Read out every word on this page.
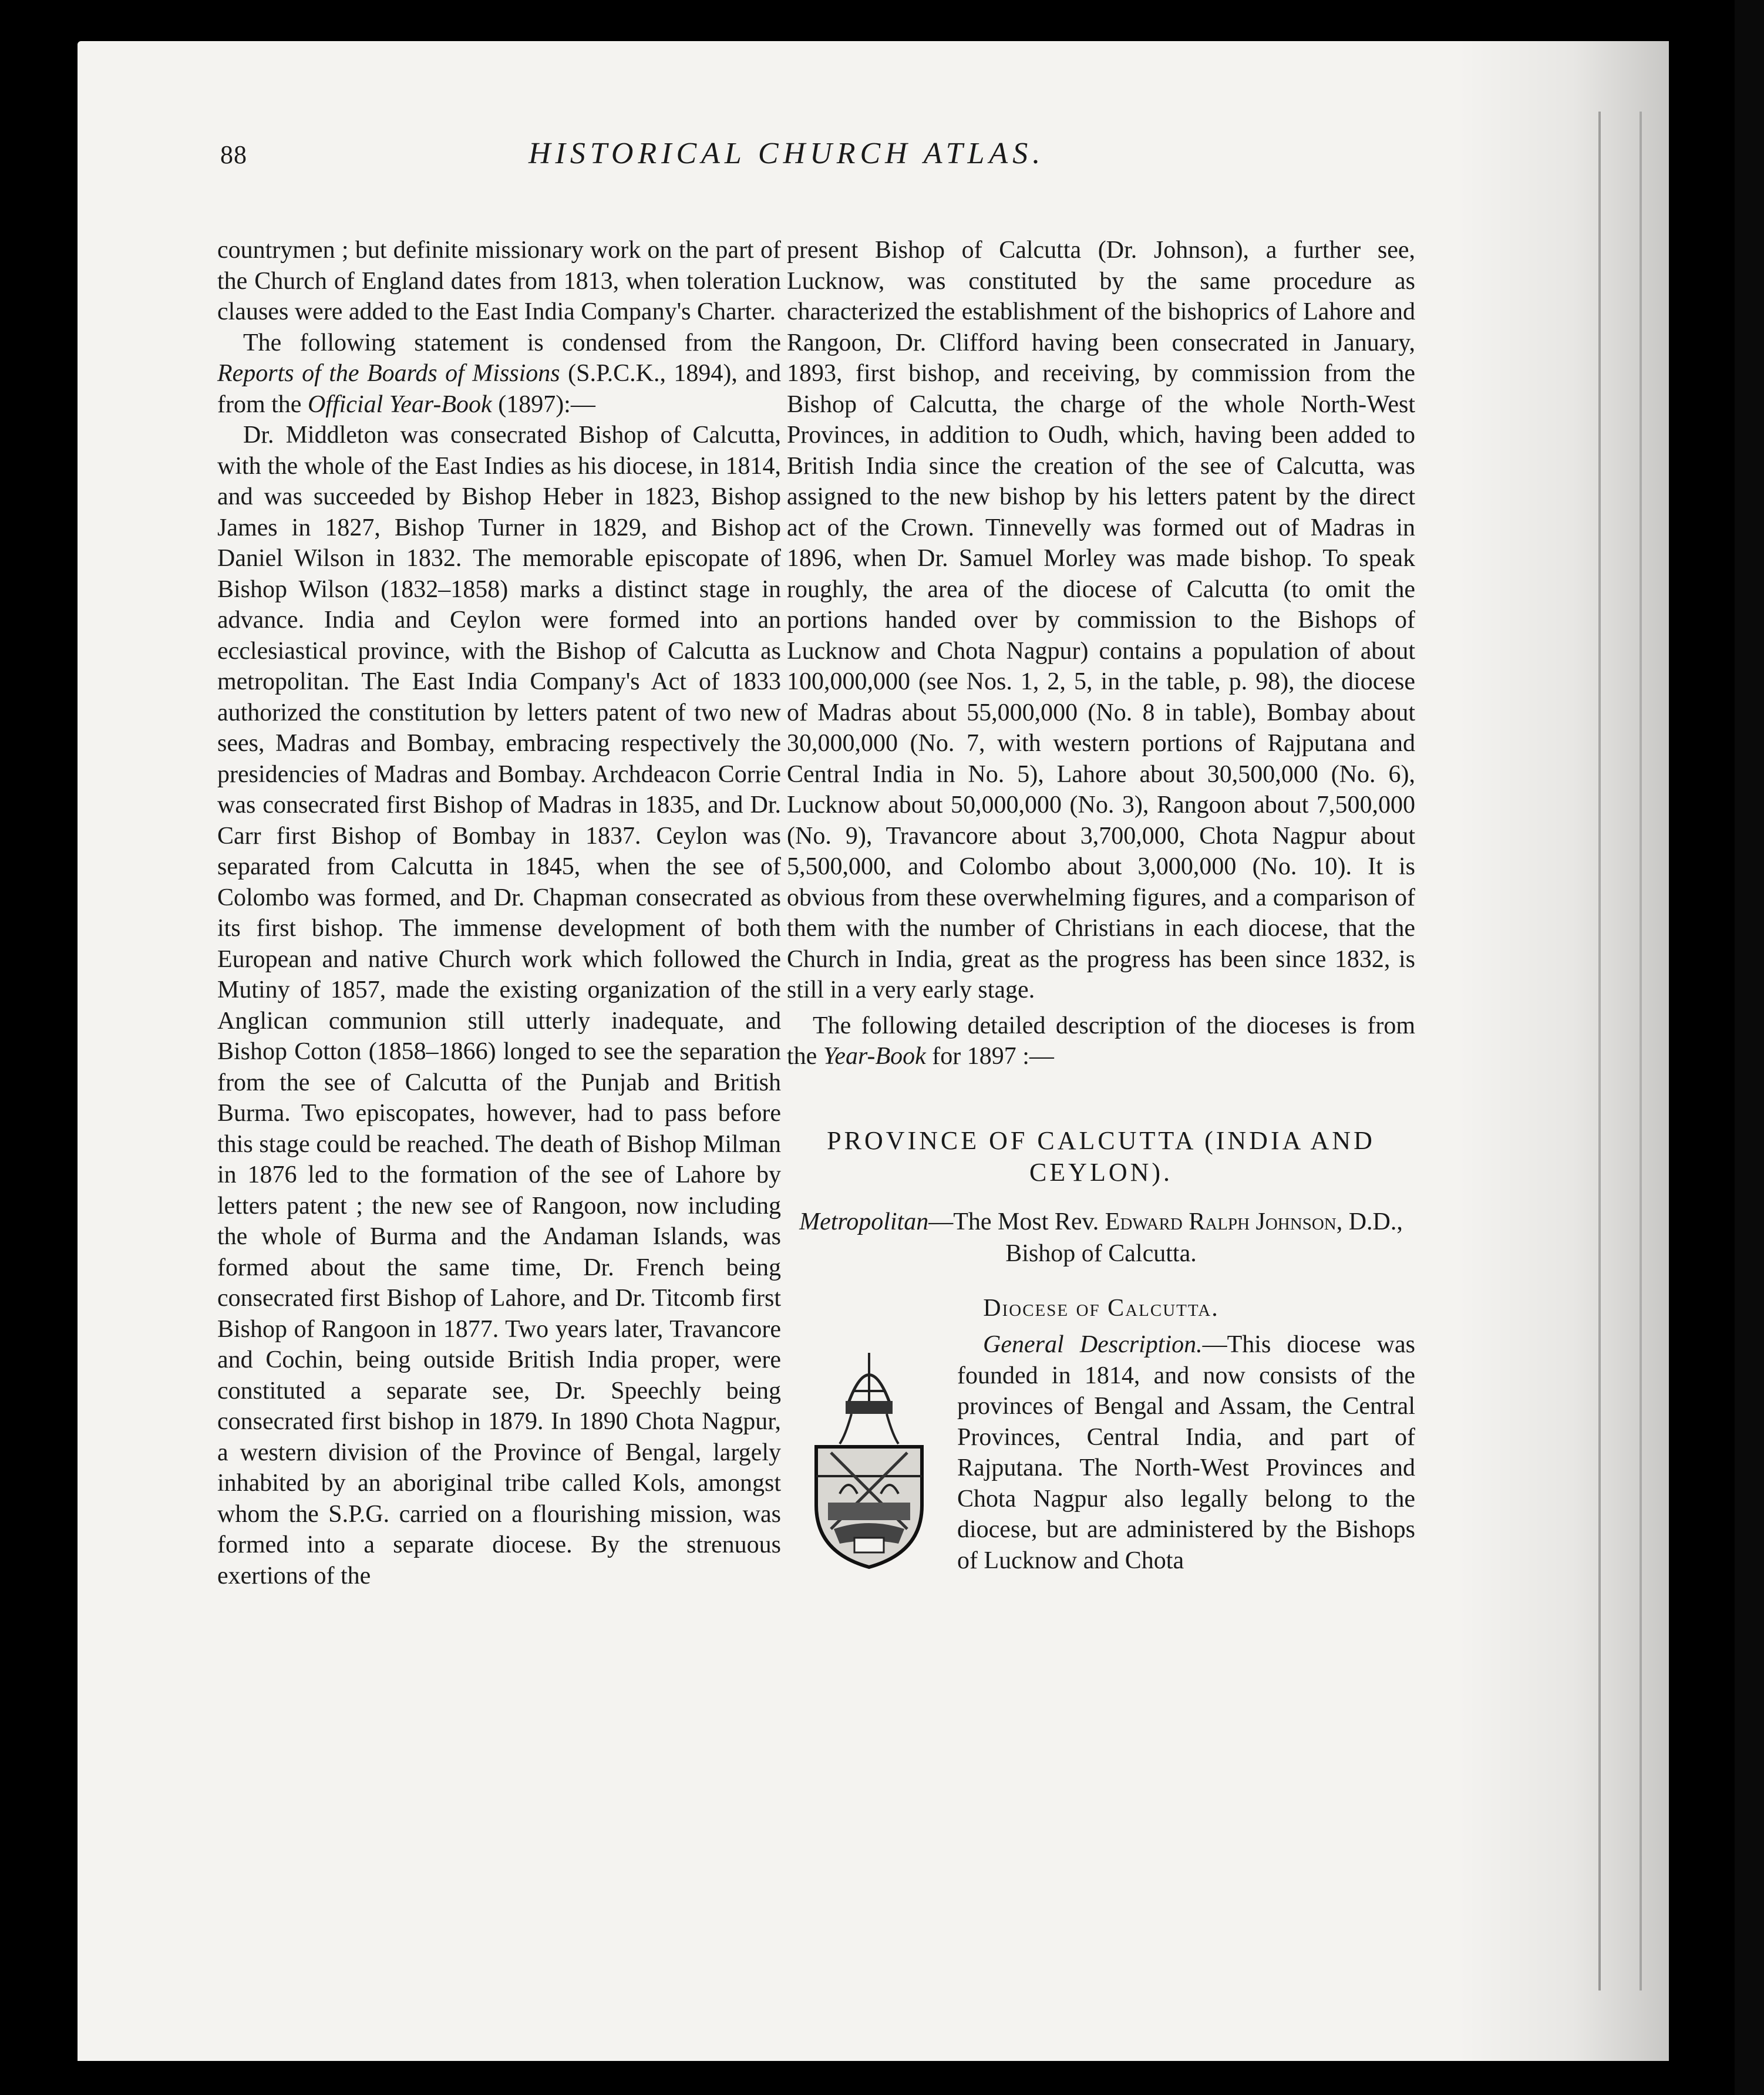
88	HISTORICAL CHURCH ATLAS.

countrymen ; but definite missionary work on the part of the Church of England dates from 1813, when toleration clauses were added to the East India Company's Charter.

The following statement is condensed from the Reports of the Boards of Missions (S.P.C.K., 1894), and from the Official Year-Book (1897):—

Dr. Middleton was consecrated Bishop of Calcutta, with the whole of the East Indies as his diocese, in 1814, and was succeeded by Bishop Heber in 1823, Bishop James in 1827, Bishop Turner in 1829, and Bishop Daniel Wilson in 1832. The memorable episcopate of Bishop Wilson (1832–1858) marks a distinct stage in advance. India and Ceylon were formed into an ecclesiastical province, with the Bishop of Calcutta as metropolitan. The East India Company's Act of 1833 authorized the constitution by letters patent of two new sees, Madras and Bombay, embracing respectively the presidencies of Madras and Bombay. Archdeacon Corrie was consecrated first Bishop of Madras in 1835, and Dr. Carr first Bishop of Bombay in 1837. Ceylon was separated from Calcutta in 1845, when the see of Colombo was formed, and Dr. Chapman consecrated as its first bishop. The immense development of both European and native Church work which followed the Mutiny of 1857, made the existing organization of the Anglican communion still utterly inadequate, and Bishop Cotton (1858–1866) longed to see the separation from the see of Calcutta of the Punjab and British Burma. Two episcopates, however, had to pass before this stage could be reached. The death of Bishop Milman in 1876 led to the formation of the see of Lahore by letters patent ; the new see of Rangoon, now including the whole of Burma and the Andaman Islands, was formed about the same time, Dr. French being consecrated first Bishop of Lahore, and Dr. Titcomb first Bishop of Rangoon in 1877. Two years later, Travancore and Cochin, being outside British India proper, were constituted a separate see, Dr. Speechly being consecrated first bishop in 1879. In 1890 Chota Nagpur, a western division of the Province of Bengal, largely inhabited by an aboriginal tribe called Kols, amongst whom the S.P.G. carried on a flourishing mission, was formed into a separate diocese. By the strenuous exertions of the

present Bishop of Calcutta (Dr. Johnson), a further see, Lucknow, was constituted by the same procedure as characterized the establishment of the bishoprics of Lahore and Rangoon, Dr. Clifford having been consecrated in January, 1893, first bishop, and receiving, by commission from the Bishop of Calcutta, the charge of the whole North-West Provinces, in addition to Oudh, which, having been added to British India since the creation of the see of Calcutta, was assigned to the new bishop by his letters patent by the direct act of the Crown. Tinnevelly was formed out of Madras in 1896, when Dr. Samuel Morley was made bishop. To speak roughly, the area of the diocese of Calcutta (to omit the portions handed over by commission to the Bishops of Lucknow and Chota Nagpur) contains a population of about 100,000,000 (see Nos. 1, 2, 5, in the table, p. 98), the diocese of Madras about 55,000,000 (No. 8 in table), Bombay about 30,000,000 (No. 7, with western portions of Rajputana and Central India in No. 5), Lahore about 30,500,000 (No. 6), Lucknow about 50,000,000 (No. 3), Rangoon about 7,500,000 (No. 9), Travancore about 3,700,000, Chota Nagpur about 5,500,000, and Colombo about 3,000,000 (No. 10). It is obvious from these overwhelming figures, and a comparison of them with the number of Christians in each diocese, that the Church in India, great as the progress has been since 1832, is still in a very early stage.

The following detailed description of the dioceses is from the Year-Book for 1897 :—

PROVINCE OF CALCUTTA (INDIA AND CEYLON).
Metropolitan—The Most Rev. Edward Ralph Johnson, D.D., Bishop of Calcutta.
Diocese of Calcutta.

General Description.—This diocese was founded in 1814, and now consists of the provinces of Bengal and Assam, the Central Provinces, Central India, and part of Rajputana. The North-West Provinces and Chota Nagpur also legally belong to the diocese, but are administered by the Bishops of Lucknow and Chota
